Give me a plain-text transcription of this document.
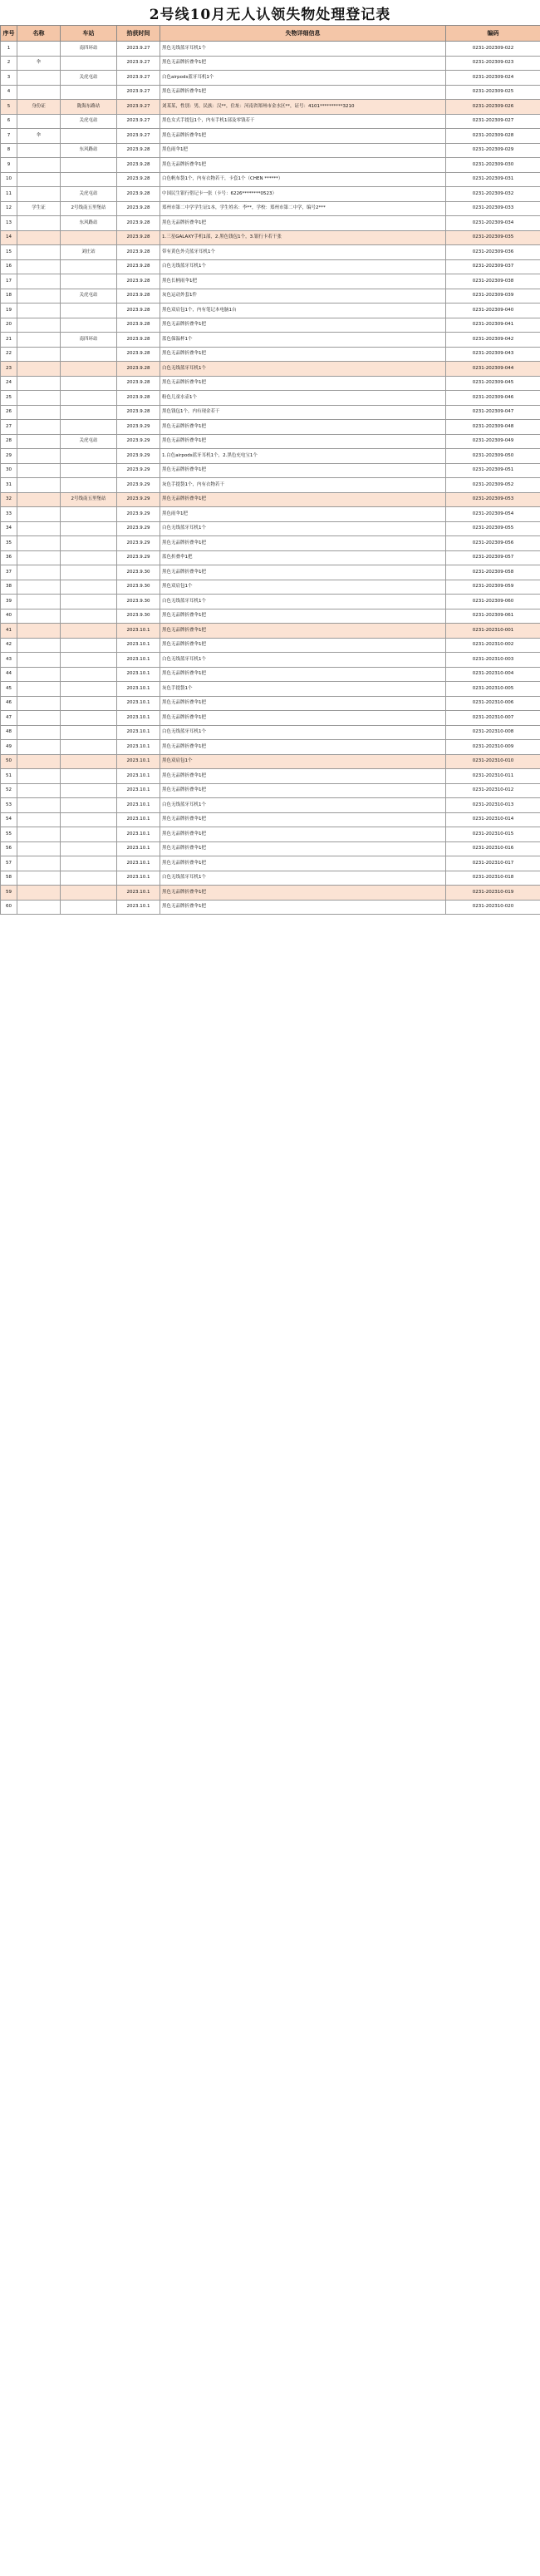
2号线10月无人认领失物处理登记表
序号	名称	车站	拾获时间	失物详细信息	编码
1		南四环站	2023.9.27	黑色无线蓝牙耳机1个	0231-202309-022
2	伞		2023.9.27	黑色无品牌折叠伞1把	0231-202309-023
3		关虎屯站	2023.9.27	白色airpods蓝牙耳机1个	0231-202309-024
4			2023.9.27	黑色无品牌折叠伞1把	0231-202309-025
5	身份证	陇海东路站	2023.9.27	刘某某，性别：男，民族：汉**，住址：河南省郑州市金水区**，证号：4101**********3210	0231-202309-026
6		关虎屯站	2023.9.27	黑色女式手提包1个，内有手机1部及零钱若干	0231-202309-027
7	伞		2023.9.27	黑色无品牌折叠伞1把	0231-202309-028
8		东风路站	2023.9.28	黑色雨伞1把	0231-202309-029
9			2023.9.28	黑色无品牌折叠伞1把	0231-202309-030
10			2023.9.28	白色帆布袋1个，内有衣物若干，卡套1个（CHEN ******）	0231-202309-031
11		关虎屯站	2023.9.28	中国民生银行借记卡一张（卡号：6226********0523）	0231-202309-032
12	学生证	2号线南五里堡站	2023.9.28	郑州市第二中学学生证1本，学生姓名：李**，学校：郑州市第二中学，编号2***	0231-202309-033
13		东风路站	2023.9.28	黑色无品牌折叠伞1把	0231-202309-034
14			2023.9.28	1.三星GALAXY手机1部，2.黑色钱包1个，3.银行卡若干张	0231-202309-035
15		刘庄站	2023.9.28	带有黄色外壳蓝牙耳机1个	0231-202309-036
16			2023.9.28	白色无线蓝牙耳机1个	0231-202309-037
17			2023.9.28	黑色长柄雨伞1把	0231-202309-038
18		关虎屯站	2023.9.28	灰色运动外套1件	0231-202309-039
19			2023.9.28	黑色双肩包1个，内有笔记本电脑1台	0231-202309-040
20			2023.9.28	黑色无品牌折叠伞1把	0231-202309-041
21		南四环站	2023.9.28	蓝色保温杯1个	0231-202309-042
22			2023.9.28	黑色无品牌折叠伞1把	0231-202309-043
23			2023.9.28	白色无线蓝牙耳机1个	0231-202309-044
24			2023.9.28	黑色无品牌折叠伞1把	0231-202309-045
25			2023.9.28	粉色儿童水壶1个	0231-202309-046
26			2023.9.28	黑色钱包1个，内有现金若干	0231-202309-047
27			2023.9.29	黑色无品牌折叠伞1把	0231-202309-048
28		关虎屯站	2023.9.29	黑色无品牌折叠伞1把	0231-202309-049
29			2023.9.29	1.白色airpods蓝牙耳机1个，2.黑色充电宝1个	0231-202309-050
30			2023.9.29	黑色无品牌折叠伞1把	0231-202309-051
31			2023.9.29	灰色手提袋1个，内有衣物若干	0231-202309-052
32		2号线南五里堡站	2023.9.29	黑色无品牌折叠伞1把	0231-202309-053
33			2023.9.29	黑色雨伞1把	0231-202309-054
34			2023.9.29	白色无线蓝牙耳机1个	0231-202309-055
35			2023.9.29	黑色无品牌折叠伞1把	0231-202309-056
36			2023.9.29	蓝色折叠伞1把	0231-202309-057
37			2023.9.30	黑色无品牌折叠伞1把	0231-202309-058
38			2023.9.30	黑色双肩包1个	0231-202309-059
39			2023.9.30	白色无线蓝牙耳机1个	0231-202309-060
40			2023.9.30	黑色无品牌折叠伞1把	0231-202309-061
41			2023.10.1	黑色无品牌折叠伞1把	0231-202310-001
42			2023.10.1	黑色无品牌折叠伞1把	0231-202310-002
43			2023.10.1	白色无线蓝牙耳机1个	0231-202310-003
44			2023.10.1	黑色无品牌折叠伞1把	0231-202310-004
45			2023.10.1	灰色手提袋1个	0231-202310-005
46			2023.10.1	黑色无品牌折叠伞1把	0231-202310-006
47			2023.10.1	黑色无品牌折叠伞1把	0231-202310-007
48			2023.10.1	白色无线蓝牙耳机1个	0231-202310-008
49			2023.10.1	黑色无品牌折叠伞1把	0231-202310-009
50			2023.10.1	黑色双肩包1个	0231-202310-010
51			2023.10.1	黑色无品牌折叠伞1把	0231-202310-011
52			2023.10.1	黑色无品牌折叠伞1把	0231-202310-012
53			2023.10.1	白色无线蓝牙耳机1个	0231-202310-013
54			2023.10.1	黑色无品牌折叠伞1把	0231-202310-014
55			2023.10.1	黑色无品牌折叠伞1把	0231-202310-015
56			2023.10.1	黑色无品牌折叠伞1把	0231-202310-016
57			2023.10.1	黑色无品牌折叠伞1把	0231-202310-017
58			2023.10.1	白色无线蓝牙耳机1个	0231-202310-018
59			2023.10.1	黑色无品牌折叠伞1把	0231-202310-019
60			2023.10.1	黑色无品牌折叠伞1把	0231-202310-020
